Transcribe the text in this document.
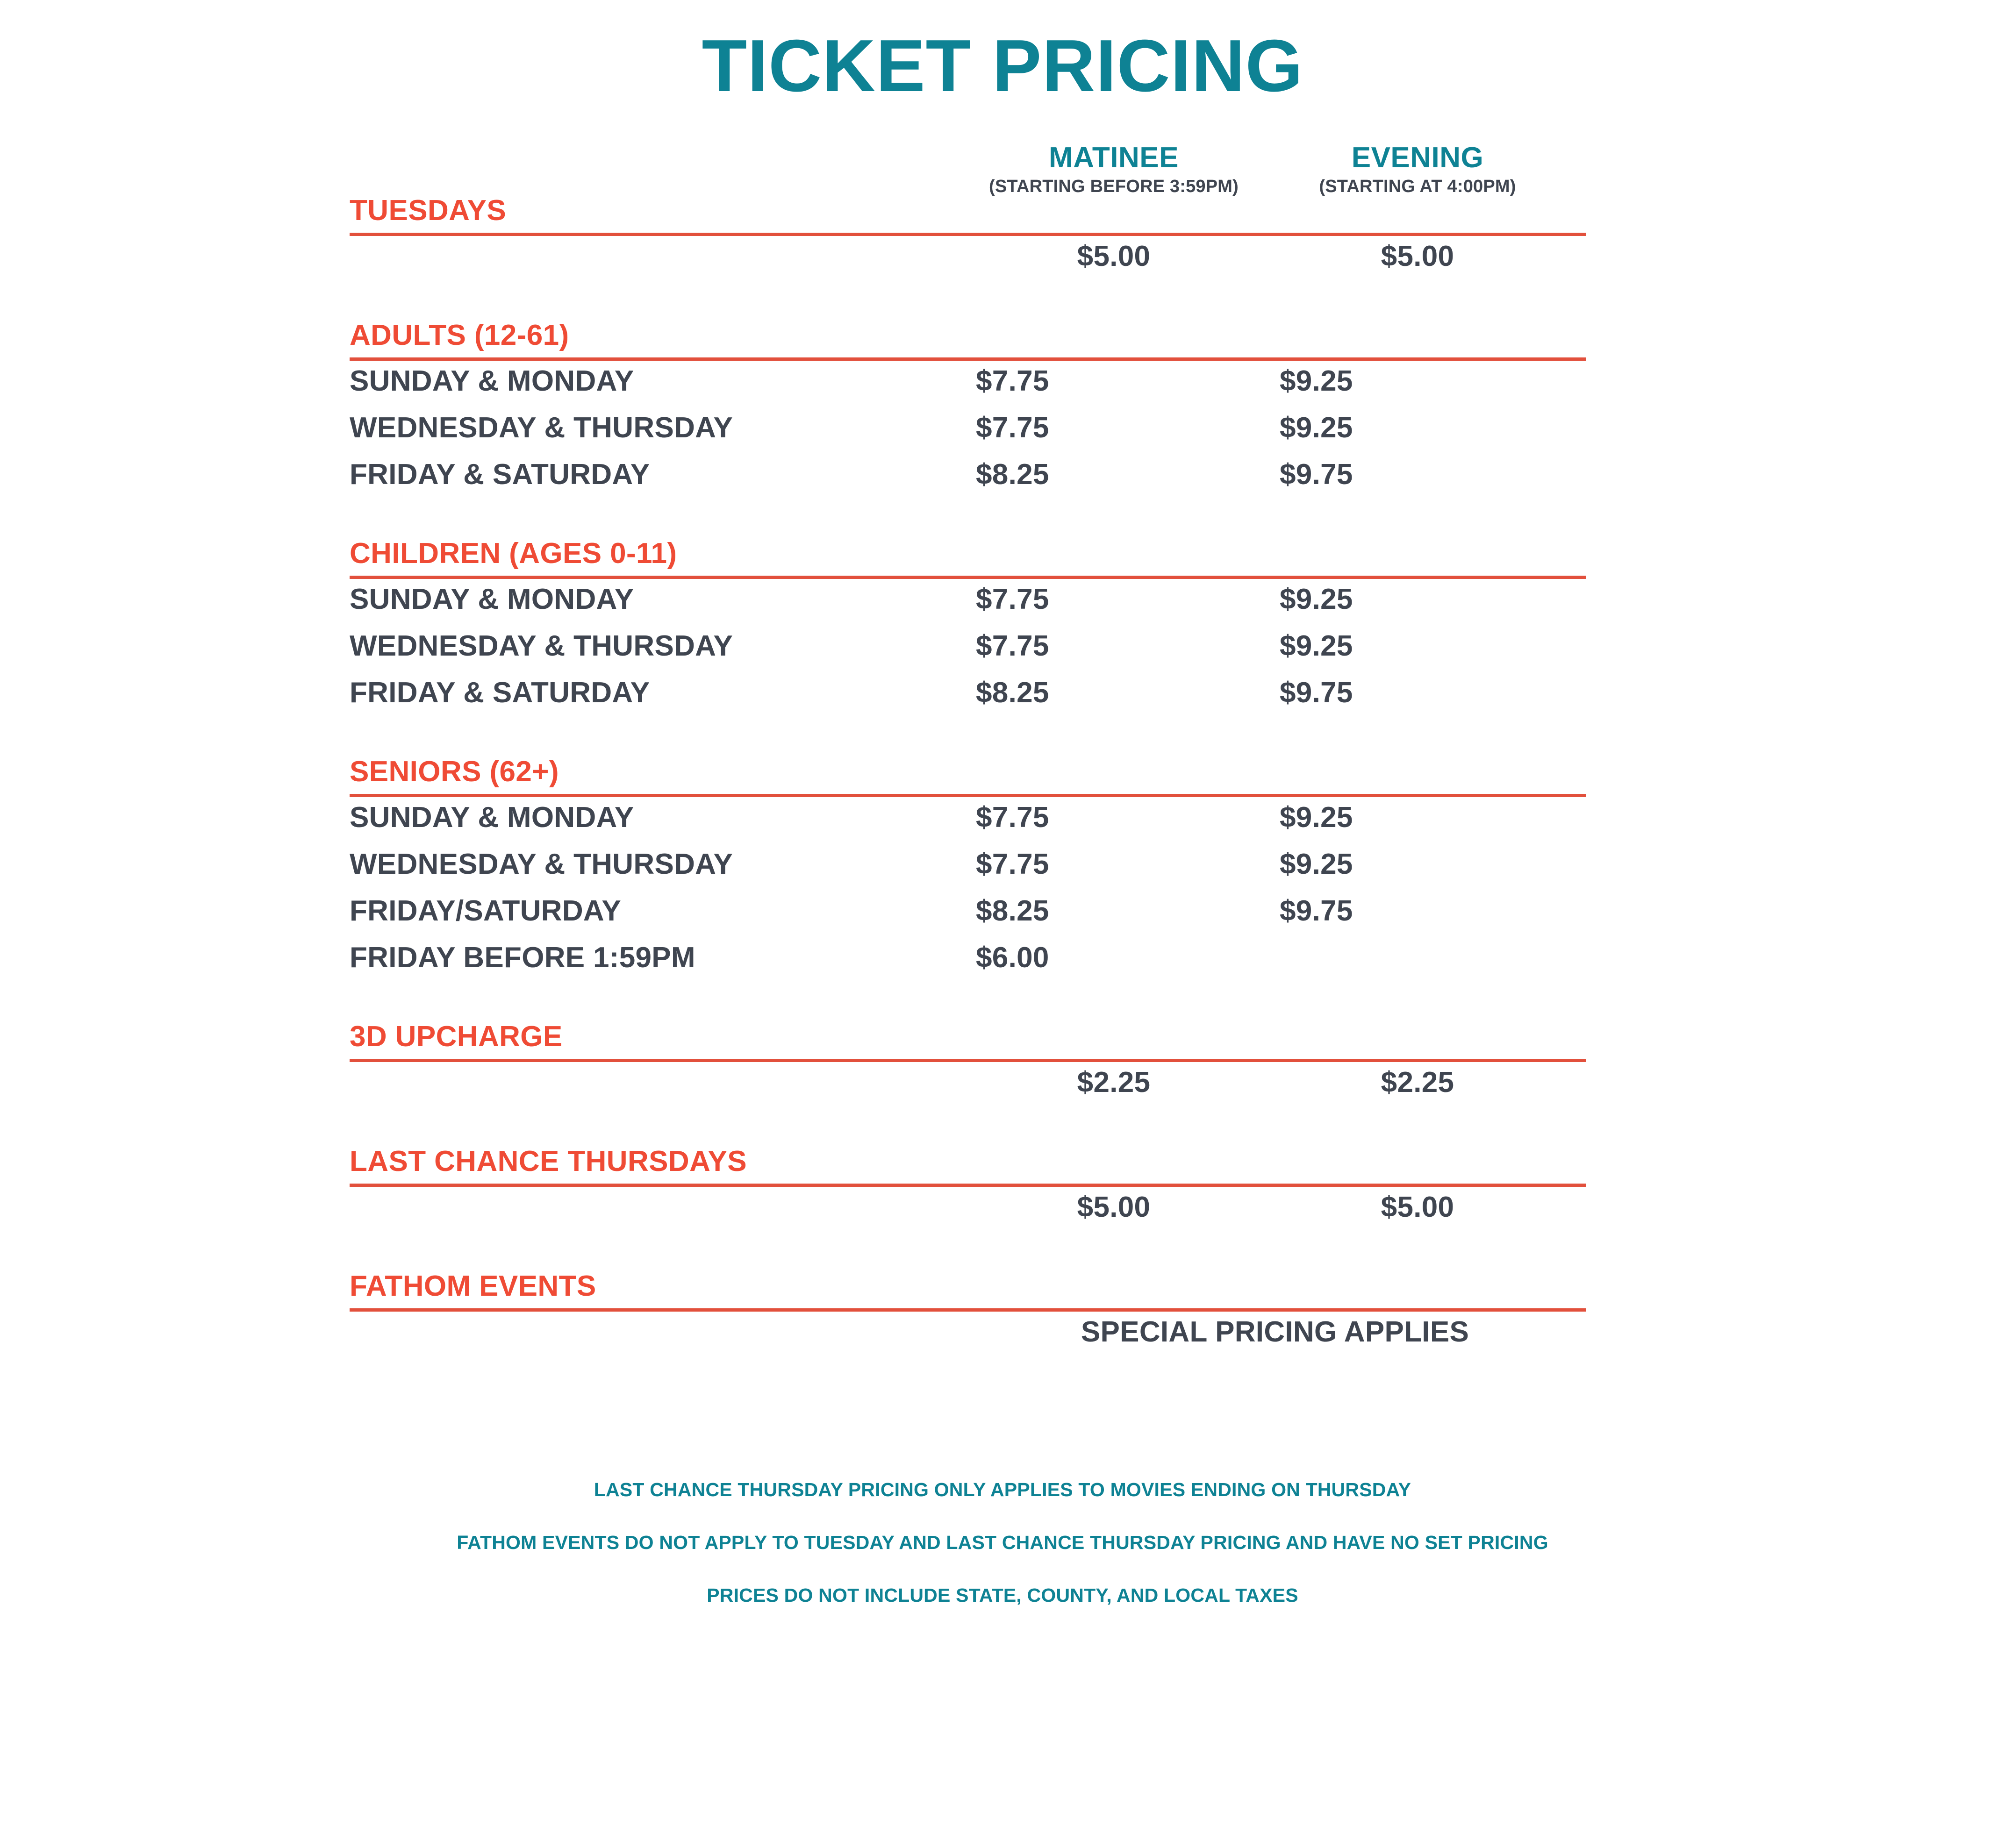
TICKET PRICING
MATINEE
(STARTING BEFORE 3:59PM)
EVENING
(STARTING AT 4:00PM)
TUESDAYS
$5.00	$5.00
ADULTS (12-61)
SUNDAY & MONDAY	$7.75	$9.25
WEDNESDAY & THURSDAY	$7.75	$9.25
FRIDAY & SATURDAY	$8.25	$9.75
CHILDREN (AGES 0-11)
SUNDAY & MONDAY	$7.75	$9.25
WEDNESDAY & THURSDAY	$7.75	$9.25
FRIDAY & SATURDAY	$8.25	$9.75
SENIORS (62+)
SUNDAY & MONDAY	$7.75	$9.25
WEDNESDAY & THURSDAY	$7.75	$9.25
FRIDAY/SATURDAY	$8.25	$9.75
FRIDAY BEFORE 1:59PM	$6.00
3D UPCHARGE
$2.25	$2.25
LAST CHANCE THURSDAYS
$5.00	$5.00
FATHOM EVENTS
SPECIAL PRICING APPLIES
LAST CHANCE THURSDAY PRICING ONLY APPLIES TO MOVIES ENDING ON THURSDAY
FATHOM EVENTS DO NOT APPLY TO TUESDAY AND LAST CHANCE THURSDAY PRICING AND HAVE NO SET PRICING
PRICES DO NOT INCLUDE STATE, COUNTY, AND LOCAL TAXES
